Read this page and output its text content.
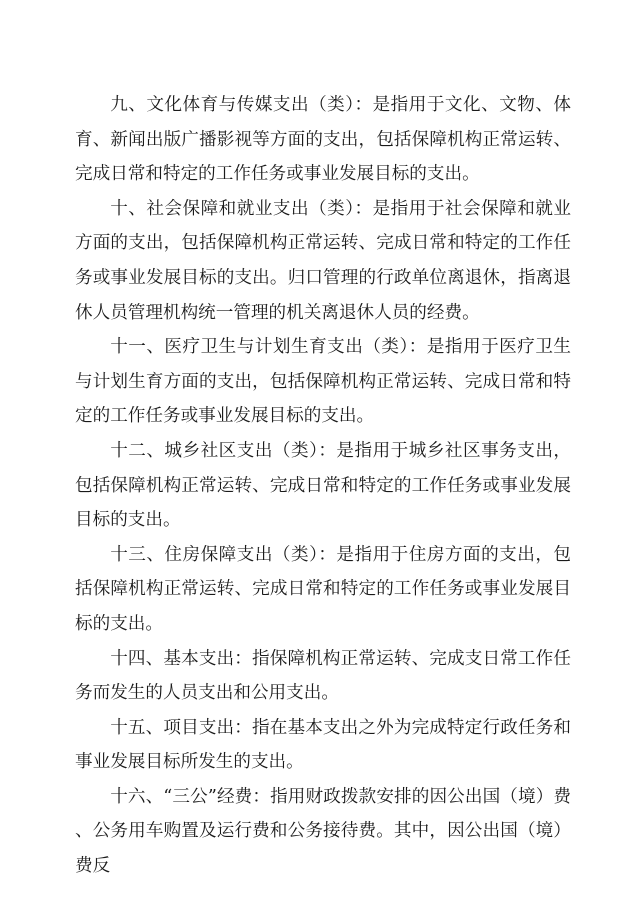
九、文化体育与传媒支出（类）：是指用于文化、文物、体育、新闻出版广播影视等方面的支出，包括保障机构正常运转、完成日常和特定的工作任务或事业发展目标的支出。

十、社会保障和就业支出（类）：是指用于社会保障和就业方面的支出，包括保障机构正常运转、完成日常和特定的工作任务或事业发展目标的支出。归口管理的行政单位离退休，指离退休人员管理机构统一管理的机关离退休人员的经费。

十一、医疗卫生与计划生育支出（类）：是指用于医疗卫生与计划生育方面的支出，包括保障机构正常运转、完成日常和特定的工作任务或事业发展目标的支出。

十二、城乡社区支出（类）：是指用于城乡社区事务支出，包括保障机构正常运转、完成日常和特定的工作任务或事业发展目标的支出。

十三、住房保障支出（类）：是指用于住房方面的支出，包括保障机构正常运转、完成日常和特定的工作任务或事业发展目标的支出。

十四、基本支出：指保障机构正常运转、完成支日常工作任务而发生的人员支出和公用支出。

十五、项目支出：指在基本支出之外为完成特定行政任务和事业发展目标所发生的支出。

十六、“三公”经费：指用财政拨款安排的因公出国（境）费、公务用车购置及运行费和公务接待费。其中，因公出国（境）费反
